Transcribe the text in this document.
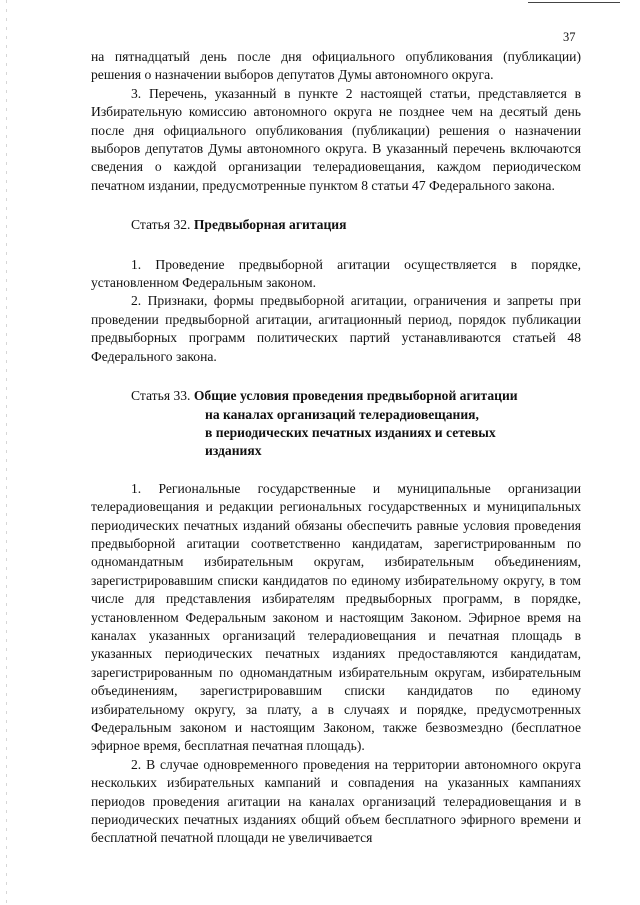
37

на пятнадцатый день после дня официального опубликования (публикации) решения о назначении выборов депутатов Думы автономного округа.

3. Перечень, указанный в пункте 2 настоящей статьи, представляется в Избирательную комиссию автономного округа не позднее чем на десятый день после дня официального опубликования (публикации) решения о назначении выборов депутатов Думы автономного округа. В указанный перечень включаются сведения о каждой организации телерадиовещания, каждом периодическом печатном издании, предусмотренные пунктом 8 статьи 47 Федерального закона.

Статья 32. Предвыборная агитация

1. Проведение предвыборной агитации осуществляется в порядке, установленном Федеральным законом.

2. Признаки, формы предвыборной агитации, ограничения и запреты при проведении предвыборной агитации, агитационный период, порядок публикации предвыборных программ политических партий устанавливаются статьей 48 Федерального закона.

Статья 33. Общие условия проведения предвыборной агитации
на каналах организаций телерадиовещания,
в периодических печатных изданиях и сетевых
изданиях

1. Региональные государственные и муниципальные организации телерадиовещания и редакции региональных государственных и муниципальных периодических печатных изданий обязаны обеспечить равные условия проведения предвыборной агитации соответственно кандидатам, зарегистрированным по одномандатным избирательным округам, избирательным объединениям, зарегистрировавшим списки кандидатов по единому избирательному округу, в том числе для представления избирателям предвыборных программ, в порядке, установленном Федеральным законом и настоящим Законом. Эфирное время на каналах указанных организаций телерадиовещания и печатная площадь в указанных периодических печатных изданиях предоставляются кандидатам, зарегистрированным по одномандатным избирательным округам, избирательным объединениям, зарегистрировавшим списки кандидатов по единому избирательному округу, за плату, а в случаях и порядке, предусмотренных Федеральным законом и настоящим Законом, также безвозмездно (бесплатное эфирное время, бесплатная печатная площадь).

2. В случае одновременного проведения на территории автономного округа нескольких избирательных кампаний и совпадения на указанных кампаниях периодов проведения агитации на каналах организаций телерадиовещания и в периодических печатных изданиях общий объем бесплатного эфирного времени и бесплатной печатной площади не увеличивается
